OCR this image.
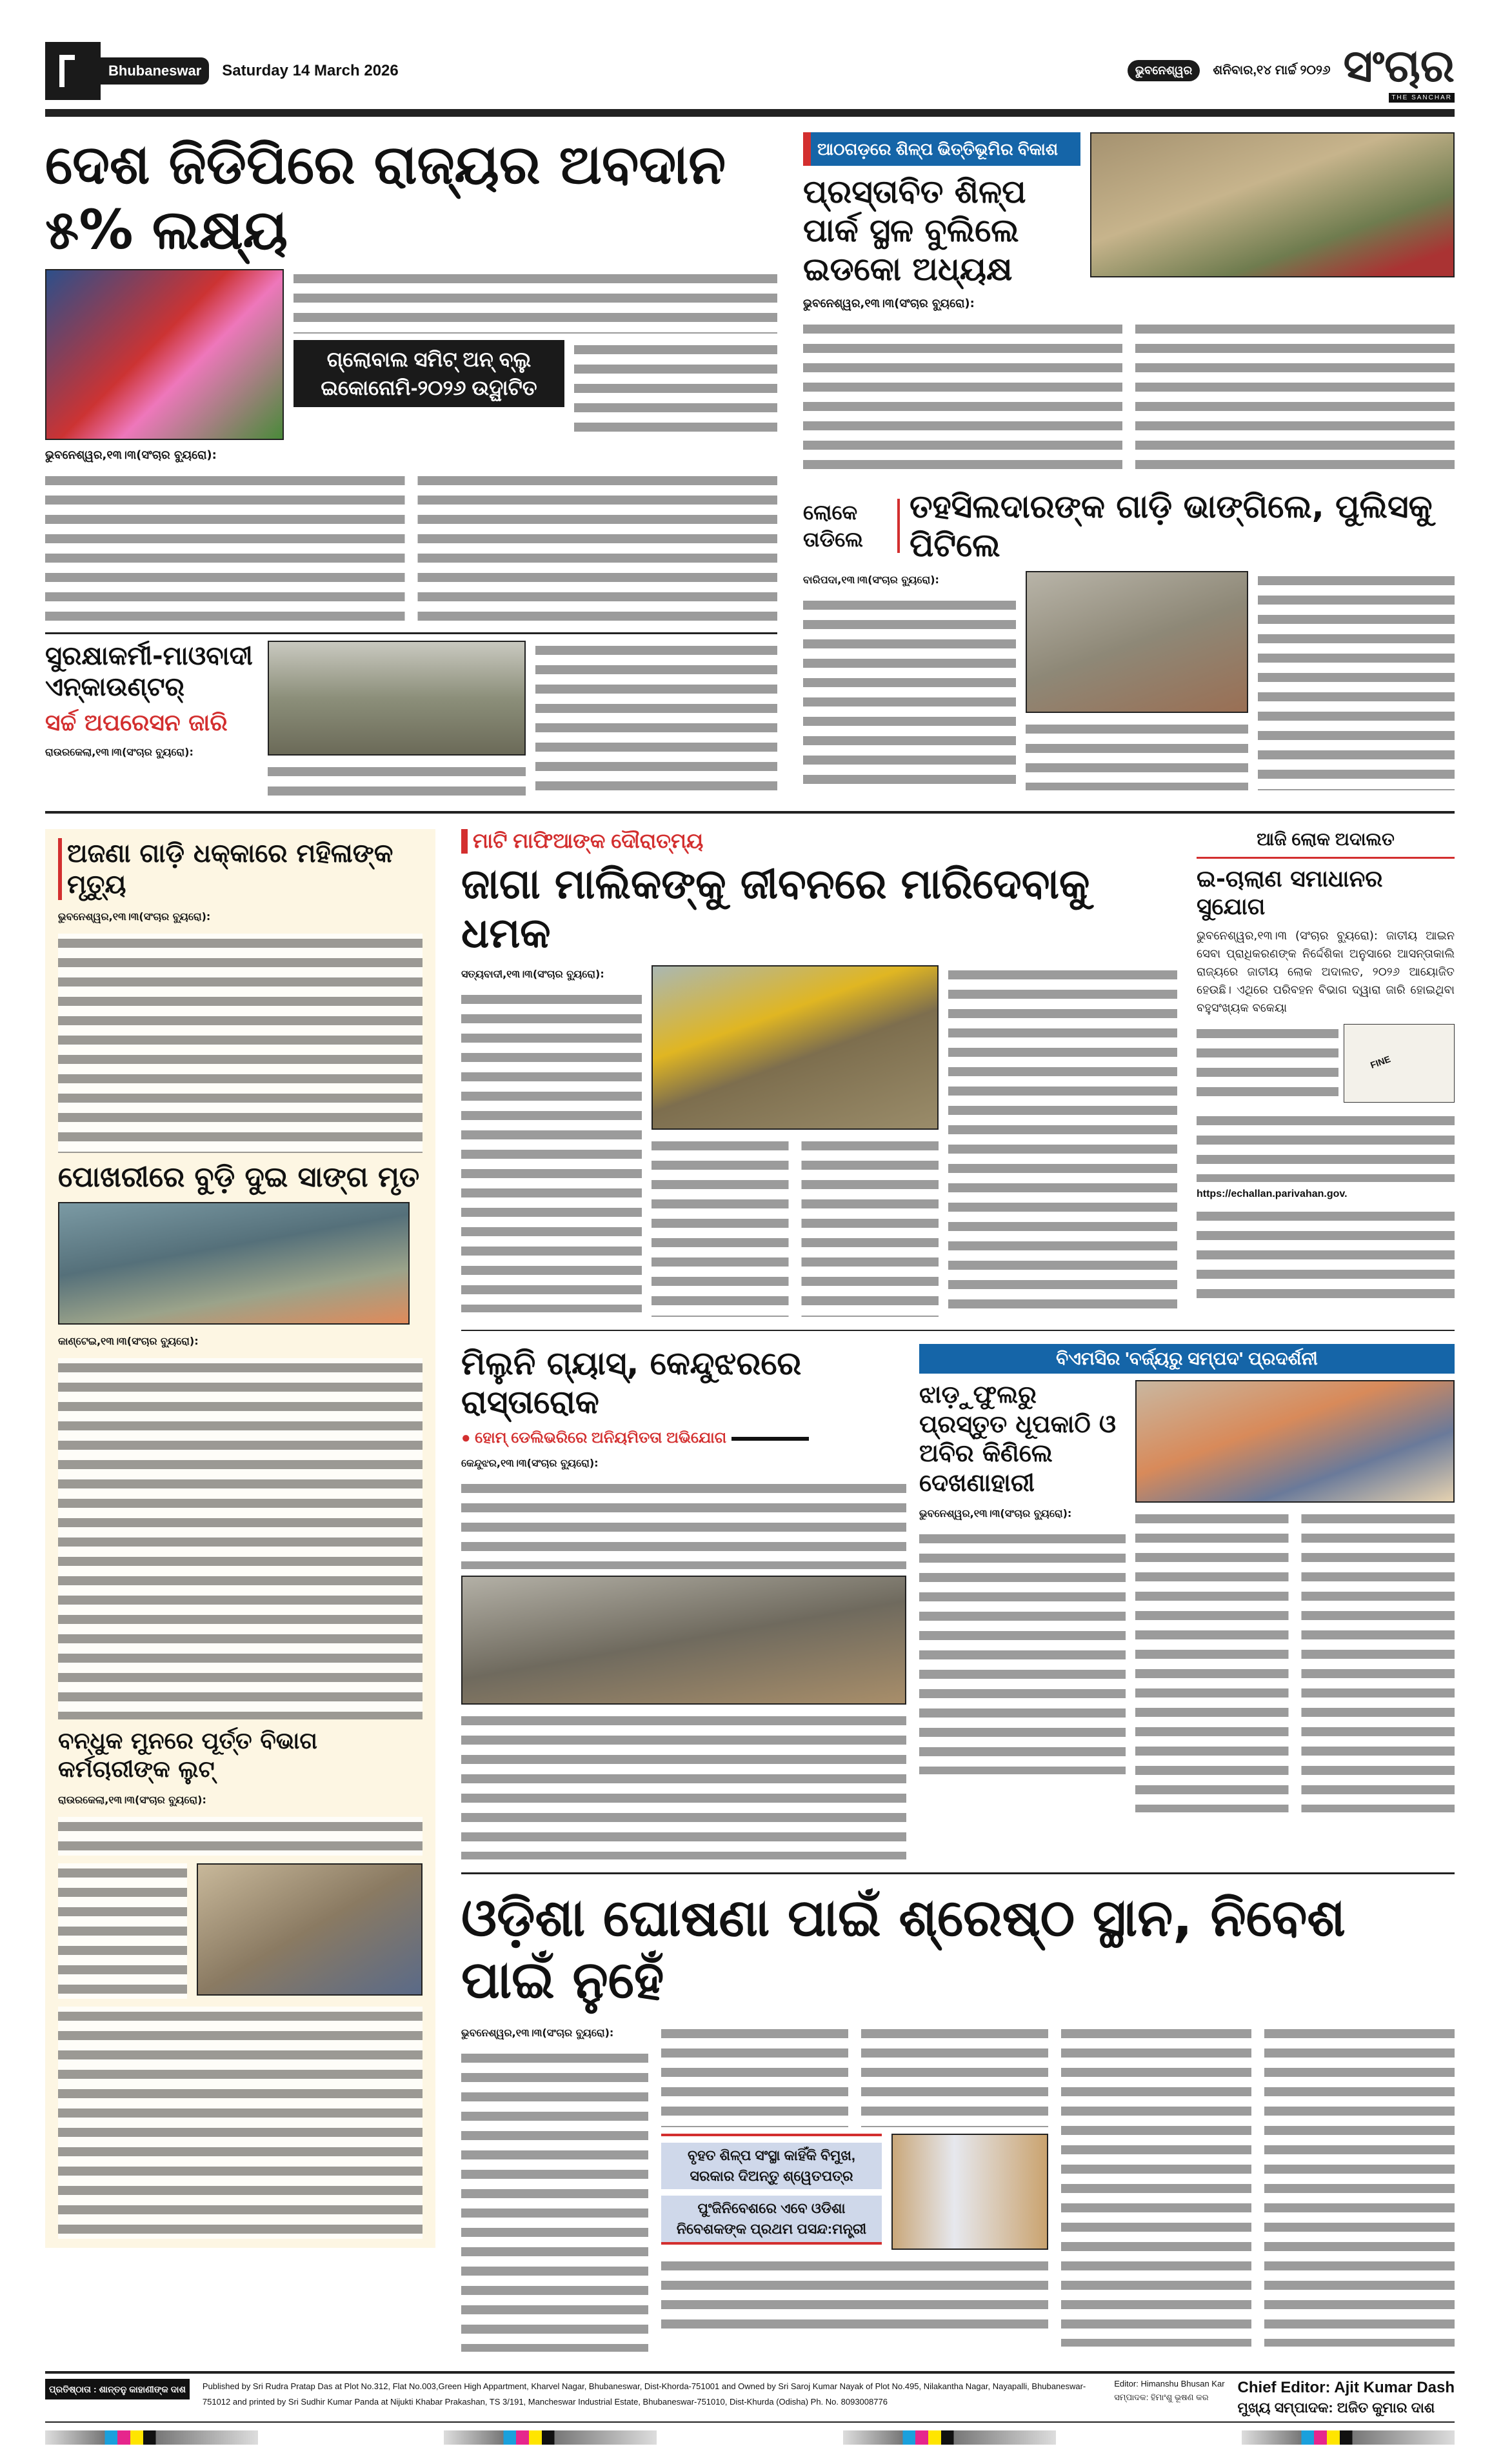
Bhubaneswar	Saturday 14 March 2026	ଭୁବନେଶ୍ୱର	ଶନିବାର,୧୪ ମାର୍ଚ୍ଚ ୨୦୨୬ ସଂଚାର
THE SANCHAR
ଦେଶ ଜିଡିପିରେ ରାଜ୍ୟର ଅବଦାନ ୫% ଲକ୍ଷ୍ୟ
ଗ୍ଲୋବାଲ ସମିଟ୍ ଅନ୍ ବ୍ଲୁ ଇକୋନୋମି-୨୦୨୬ ଉଦ୍ଘାଟିତ
ଭୁବନେଶ୍ୱର,୧୩।୩(ସଂଚାର ବ୍ୟୁରୋ):
ସୁରକ୍ଷାକର୍ମୀ-ମାଓବାଦୀ ଏନ୍‌କାଉଣ୍ଟର୍
ସର୍ଚ୍ଚ ଅପରେସନ ଜାରି
ରାଉରକେଲା,୧୩।୩(ସଂଚାର ବ୍ୟୁରୋ):
ଆଠଗଡ଼ରେ ଶିଳ୍ପ ଭିତ୍ତିଭୂମିର ବିକାଶ
ପ୍ରସ୍ତାବିତ ଶିଳ୍ପ ପାର୍କ ସ୍ଥଳ ବୁଲିଲେ ଇଡକୋ ଅଧ୍ୟକ୍ଷ
ଭୁବନେଶ୍ୱର,୧୩।୩(ସଂଚାର ବ୍ୟୁରୋ):
ଲୋକେ ତାଡିଲେ
ତହସିଲଦାରଙ୍କ ଗାଡ଼ି ଭାଙ୍ଗିଲେ, ପୁଲିସକୁ ପିଟିଲେ
ବାରିପଦା,୧୩।୩(ସଂଚାର ବ୍ୟୁରୋ):
ଅଜଣା ଗାଡ଼ି ଧକ୍କାରେ ମହିଳାଙ୍କ ମୃତ୍ୟୁ
ଭୁବନେଶ୍ୱର,୧୩।୩(ସଂଚାର ବ୍ୟୁରୋ):
ପୋଖରୀରେ ବୁଡ଼ି ଦୁଇ ସାଙ୍ଗ ମୃତ
କାଣ୍ଟେଇ,୧୩।୩(ସଂଚାର ବ୍ୟୁରୋ):
ବନ୍ଧୁକ ମୁନରେ ପୂର୍ତ୍ତ ବିଭାଗ କର୍ମଚାରୀଙ୍କ ଲୁଟ୍
ରାଉରକେଲା,୧୩।୩(ସଂଚାର ବ୍ୟୁରୋ):
ମାଟି ମାଫିଆଙ୍କ ଦୌରାତ୍ମ୍ୟ
ଜାଗା ମାଲିକଙ୍କୁ ଜୀବନରେ ମାରିଦେବାକୁ ଧମକ
ସତ୍ୟବାଦୀ,୧୩।୩(ସଂଚାର ବ୍ୟୁରୋ):
ଆଜି ଲୋକ ଅଦାଲତ
ଇ-ଚାଲାଣ ସମାଧାନର ସୁଯୋଗ
ଭୁବନେଶ୍ୱର,୧୩।୩ (ସଂଚାର ବ୍ୟୁରୋ): ଜାତୀୟ ଆଇନ ସେବା ପ୍ରାଧିକରଣଙ୍କ ନିର୍ଦ୍ଦେଶିକା ଅନୁସାରେ ଆସନ୍ତାକାଲି ରାଜ୍ୟରେ ଜାତୀୟ ଲୋକ ଅଦାଲତ, ୨୦୨୬ ଆୟୋଜିତ ହେଉଛି। ଏଥିରେ ପରିବହନ ବିଭାଗ ଦ୍ୱାରା ଜାରି ହୋଇଥିବା ବହୁସଂଖ୍ୟକ ବକେୟା
FINE
https://echallan.parivahan.gov.
ମିଲୁନି ଗ୍ୟାସ୍, କେନ୍ଦୁଝରରେ ରାସ୍ତାରୋକ
● ହୋମ୍ ଡେଲିଭରିରେ ଅନିୟମିତତା ଅଭିଯୋଗ
କେନ୍ଦୁଝର,୧୩।୩(ସଂଚାର ବ୍ୟୁରୋ):
ବିଏମସିର 'ବର୍ଜ୍ୟରୁ ସମ୍ପଦ' ପ୍ରଦର୍ଶନୀ
ଝାଡ଼ୁଫୁଲରୁ ପ୍ରସ୍ତୁତ ଧୂପକାଠି ଓ ଅବିର କିଣିଲେ ଦେଖଣାହାରୀ
ଭୁବନେଶ୍ୱର,୧୩।୩(ସଂଚାର ବ୍ୟୁରୋ):
ଓଡ଼ିଶା ଘୋଷଣା ପାଇଁ ଶ୍ରେଷ୍ଠ ସ୍ଥାନ, ନିବେଶ ପାଇଁ ନୁହେଁ
ଭୁବନେଶ୍ୱର,୧୩।୩(ସଂଚାର ବ୍ୟୁରୋ):
ବୃହତ ଶିଳ୍ପ ସଂସ୍ଥା କାହିଁକି ବିମୁଖ, ସରକାର ଦିଅନ୍ତୁ ଶ୍ୱେତପତ୍ର
ପୁଂଜିନିବେଶରେ ଏବେ ଓଡିଶା ନିବେଶକଙ୍କ ପ୍ରଥମ ପସନ୍ଦ:ମନ୍ତ୍ରୀ
ପ୍ରତିଷ୍ଠାତା : ଶାନ୍ତନୁ କାହାଣୀଙ୍କ ଦାଶ	Published by Sri Rudra Pratap Das at Plot No.312, Flat No.003,Green High Appartment, Kharvel Nagar, Bhubaneswar, Dist-Khorda-751001 and Owned by Sri Saroj Kumar Nayak of Plot No.495, Nilakantha Nagar, Nayapalli, Bhubaneswar-751012 and printed by Sri Sudhir Kumar Panda at Nijukti Khabar Prakashan, TS 3/191, Mancheswar Industrial Estate, Bhubaneswar-751010, Dist-Khurda (Odisha) Ph. No. 8093008776
Editor: Himanshu Bhusan Kar
ସମ୍ପାଦକ: ହିମାଂଶୁ ଭୂଷଣ କର
Chief Editor: Ajit Kumar Dash
ମୁଖ୍ୟ ସମ୍ପାଦକ: ଅଜିତ କୁମାର ଦାଶ
